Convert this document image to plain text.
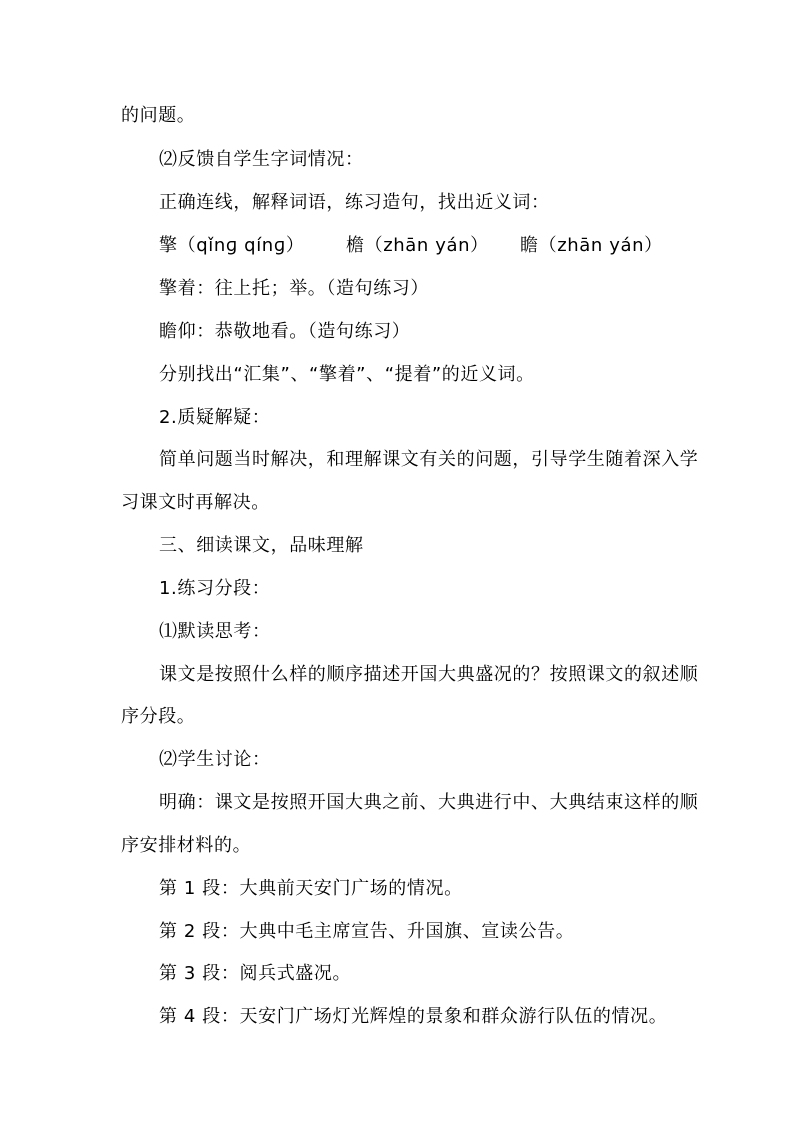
的问题。

⑵反馈自学生字词情况：

正确连线，解释词语，练习造句，找出近义词：

擎（qǐnɡ qínɡ） 檐（zhān yán） 瞻（zhān yán）

擎着：往上托；举。（造句练习）

瞻仰：恭敬地看。（造句练习）

分别找出“汇集”、“擎着”、“提着”的近义词。

2.质疑解疑：

简单问题当时解决，和理解课文有关的问题，引导学生随着深入学

习课文时再解决。

三、细读课文，品味理解

1.练习分段：

⑴默读思考：

课文是按照什么样的顺序描述开国大典盛况的？按照课文的叙述顺

序分段。

⑵学生讨论：

明确：课文是按照开国大典之前、大典进行中、大典结束这样的顺

序安排材料的。

第 1 段：大典前天安门广场的情况。

第 2 段：大典中毛主席宣告、升国旗、宣读公告。

第 3 段：阅兵式盛况。

第 4 段：天安门广场灯光辉煌的景象和群众游行队伍的情况。
